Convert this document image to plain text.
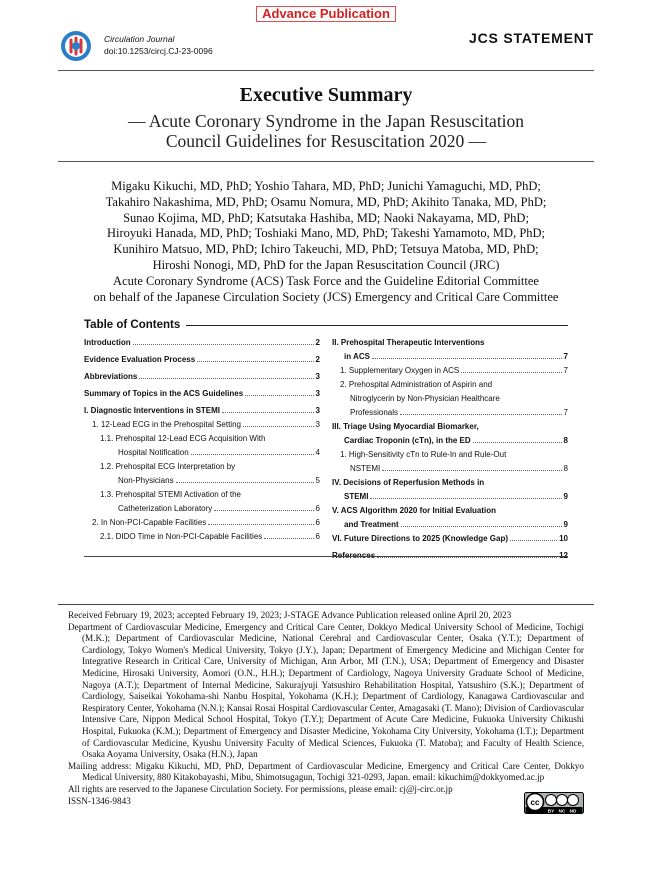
Advance Publication
Circulation Journal
doi:10.1253/circj.CJ-23-0096
JCS STATEMENT
Executive Summary
— Acute Coronary Syndrome in the Japan Resuscitation Council Guidelines for Resuscitation 2020 —
Migaku Kikuchi, MD, PhD; Yoshio Tahara, MD, PhD; Junichi Yamaguchi, MD, PhD;
Takahiro Nakashima, MD, PhD; Osamu Nomura, MD, PhD; Akihito Tanaka, MD, PhD;
Sunao Kojima, MD, PhD; Katsutaka Hashiba, MD; Naoki Nakayama, MD, PhD;
Hiroyuki Hanada, MD, PhD; Toshiaki Mano, MD, PhD; Takeshi Yamamoto, MD, PhD;
Kunihiro Matsuo, MD, PhD; Ichiro Takeuchi, MD, PhD; Tetsuya Matoba, MD, PhD;
Hiroshi Nonogi, MD, PhD for the Japan Resuscitation Council (JRC)
Acute Coronary Syndrome (ACS) Task Force and the Guideline Editorial Committee
on behalf of the Japanese Circulation Society (JCS) Emergency and Critical Care Committee
Table of Contents
Introduction	2
Evidence Evaluation Process	2
Abbreviations	3
Summary of Topics in the ACS Guidelines	3
I. Diagnostic Interventions in STEMI	3
1. 12-Lead ECG in the Prehospital Setting	3
1.1. Prehospital 12-Lead ECG Acquisition With
Hospital Notification	4
1.2. Prehospital ECG Interpretation by
Non-Physicians	5
1.3. Prehospital STEMI Activation of the
Catheterization Laboratory	6
2. In Non-PCI-Capable Facilities	6
2.1. DIDO Time in Non-PCI-Capable Facilities	6
II. Prehospital Therapeutic Interventions
in ACS	7
1. Supplementary Oxygen in ACS	7
2. Prehospital Administration of Aspirin and
Nitroglycerin by Non-Physician Healthcare
Professionals	7
III. Triage Using Myocardial Biomarker,
Cardiac Troponin (cTn), in the ED	8
1. High-Sensitivity cTn to Rule-In and Rule-Out
NSTEMI	8
IV. Decisions of Reperfusion Methods in
STEMI	9
V. ACS Algorithm 2020 for Initial Evaluation
and Treatment	9
VI. Future Directions to 2025 (Knowledge Gap)	10
References	12

Received February 19, 2023; accepted February 19, 2023; J-STAGE Advance Publication released online April 20, 2023

Department of Cardiovascular Medicine, Emergency and Critical Care Center, Dokkyo Medical University School of Medicine, Tochigi (M.K.); Department of Cardiovascular Medicine, National Cerebral and Cardiovascular Center, Osaka (Y.T.); Department of Cardiology, Tokyo Women's Medical University, Tokyo (J.Y.), Japan; Department of Emergency Medicine and Michigan Center for Integrative Research in Critical Care, University of Michigan, Ann Arbor, MI (T.N.), USA; Department of Emergency and Disaster Medicine, Hirosaki University, Aomori (O.N., H.H.); Department of Cardiology, Nagoya University Graduate School of Medicine, Nagoya (A.T.); Department of Internal Medicine, Sakurajyuji Yatsushiro Rehabilitation Hospital, Yatsushiro (S.K.); Department of Cardiology, Saiseikai Yokohama-shi Nanbu Hospital, Yokohama (K.H.); Department of Cardiology, Kanagawa Cardiovascular and Respiratory Center, Yokohama (N.N.); Kansai Rosai Hospital Cardiovascular Center, Amagasaki (T. Mano); Division of Cardiovascular Intensive Care, Nippon Medical School Hospital, Tokyo (T.Y.); Department of Acute Care Medicine, Fukuoka University Chikushi Hospital, Fukuoka (K.M.); Department of Emergency and Disaster Medicine, Yokohama City University, Yokohama (I.T.); Department of Cardiovascular Medicine, Kyushu University Faculty of Medical Sciences, Fukuoka (T. Matoba); and Faculty of Health Science, Osaka Aoyama University, Osaka (H.N.), Japan

Mailing address: Migaku Kikuchi, MD, PhD, Department of Cardiovascular Medicine, Emergency and Critical Care Center, Dokkyo Medical University, 880 Kitakobayashi, Mibu, Shimotsugagun, Tochigi 321-0293, Japan. email: kikuchim@dokkyomed.ac.jp

All rights are reserved to the Japanese Circulation Society. For permissions, please email: cj@j-circ.or.jp

ISSN-1346-9843	cc
BY NC ND
